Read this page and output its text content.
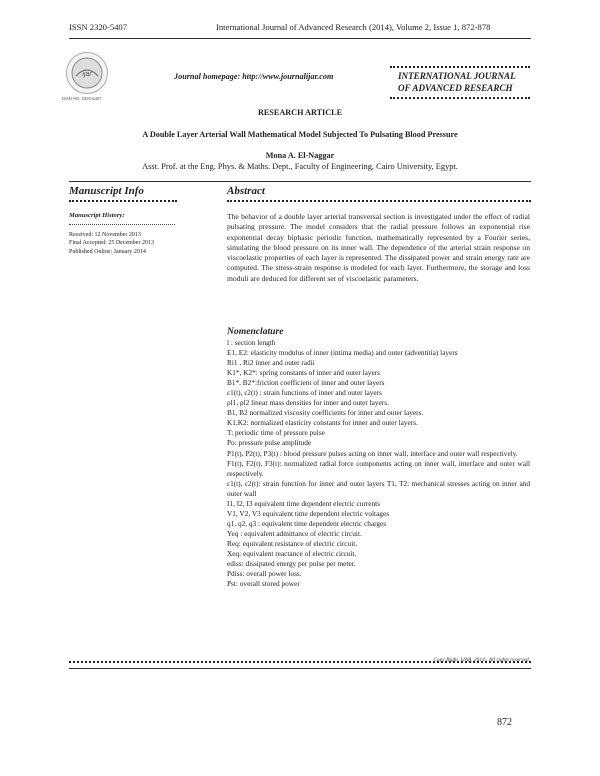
ISSN 2320-5407	International Journal of Advanced Research (2014), Volume 2, Issue 1, 872-878
ijar
ISSN NO. 2320-5407
Journal homepage: http://www.journalijar.com	INTERNATIONAL JOURNAL
OF ADVANCED RESEARCH
RESEARCH ARTICLE
A Double Layer Arterial Wall Mathematical Model Subjected To Pulsating Blood Pressure
Mona A. El-Naggar
Asst. Prof. at the Eng. Phys. & Maths. Dept., Faculty of Engineering, Cairo University, Egypt.
Manuscript Info	Abstract
Manuscript History:
Received: 12 November 2013
Final Accepted: 25 December 2013
Published Online: January 2014
The behavior of a double layer arterial transversal section is investigated under the effect of radial pulsating pressure. The model considers that the radial pressure follows an exponential rise exponential decay biphasic periodic function, mathematically represented by a Fourier series, simulating the blood pressure on its inner wall. The dependence of the arterial strain response on viscoelastic properties of each layer is represented. The dissipated power and strain energy rate are computed. The stress-strain response is modeled for each layer. Furthermore, the storage and loss moduli are deduced for different set of viscoelastic parameters.
Nomenclature

l : section length

E1, E2: elasticity modulus of inner (intima media) and outer (adventitia) layers

Ri1 , Ri2 inner and outer radii

K1*, K2*: spring constants of inner and outer layers

B1*, B2*:friction coefficient of inner and outer layers

ε1(t), ε2(t) : strain functions of inner and outer layers

ρl1, ρl2 linear mass densities for inner and outer layers.

B1, B2 normalized viscosity coefficients for inner and outer layers.

K1,K2: normalized elasticity constants for inner and outer layers.

T: periodic time of pressure pulse

Po: pressure pulse amplitude

P1(t), P2(t), P3(t) : blood pressure pulses acting on inner wall, interface and outer wall respectively.

F1(t), F2(t), F3(t): normalized radial force components acting on inner wall, interface and outer wall respectively.

ε1(t), ε2(t): strain function for inner and outer layers T1, T2: mechanical stresses acting on inner and outer wall

I1, I2, I3 equivalent time dependent electric currents

V1, V2, V3 equivalent time dependent electric voltages

q1, q2, q3 : equivalent time dependent electric charges

Yeq : equivalent admittance of electric circuit.

Req: equivalent resistance of electric circuit.

Xeq: equivalent reactance of electric circuit.

ediss: dissipated energy per pulse per meter.

Pdiss: overall power loss.

Pst: overall stored power

Copy Right, IJAR, 2014,. All rights reserved.
872
